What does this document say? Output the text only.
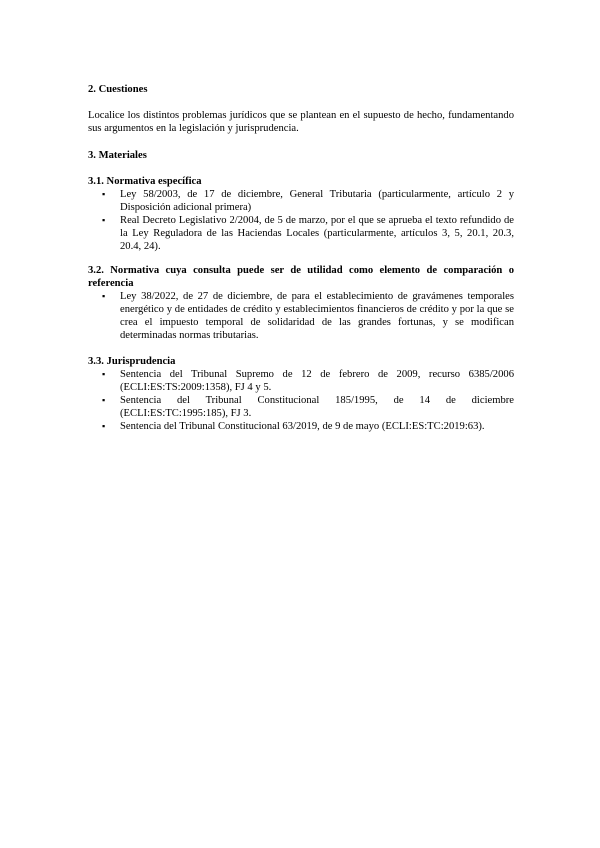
2. Cuestiones

Localice los distintos problemas jurídicos que se plantean en el supuesto de hecho, fundamentando sus argumentos en la legislación y jurisprudencia.

3. Materiales

3.1. Normativa específica

▪ Ley 58/2003, de 17 de diciembre, General Tributaria (particularmente, artículo 2 y Disposición adicional primera)
▪ Real Decreto Legislativo 2/2004, de 5 de marzo, por el que se aprueba el texto refundido de la Ley Reguladora de las Haciendas Locales (particularmente, artículos 3, 5, 20.1, 20.3, 20.4, 24).

3.2. Normativa cuya consulta puede ser de utilidad como elemento de comparación o referencia

▪ Ley 38/2022, de 27 de diciembre, de para el establecimiento de gravámenes temporales energético y de entidades de crédito y establecimientos financieros de crédito y por la que se crea el impuesto temporal de solidaridad de las grandes fortunas, y se modifican determinadas normas tributarias.

3.3. Jurisprudencia

▪ Sentencia del Tribunal Supremo de 12 de febrero de 2009, recurso 6385/2006 (ECLI:ES:TS:2009:1358), FJ 4 y 5.
▪ Sentencia del Tribunal Constitucional 185/1995, de 14 de diciembre (ECLI:ES:TC:1995:185), FJ 3.
▪ Sentencia del Tribunal Constitucional 63/2019, de 9 de mayo (ECLI:ES:TC:2019:63).
